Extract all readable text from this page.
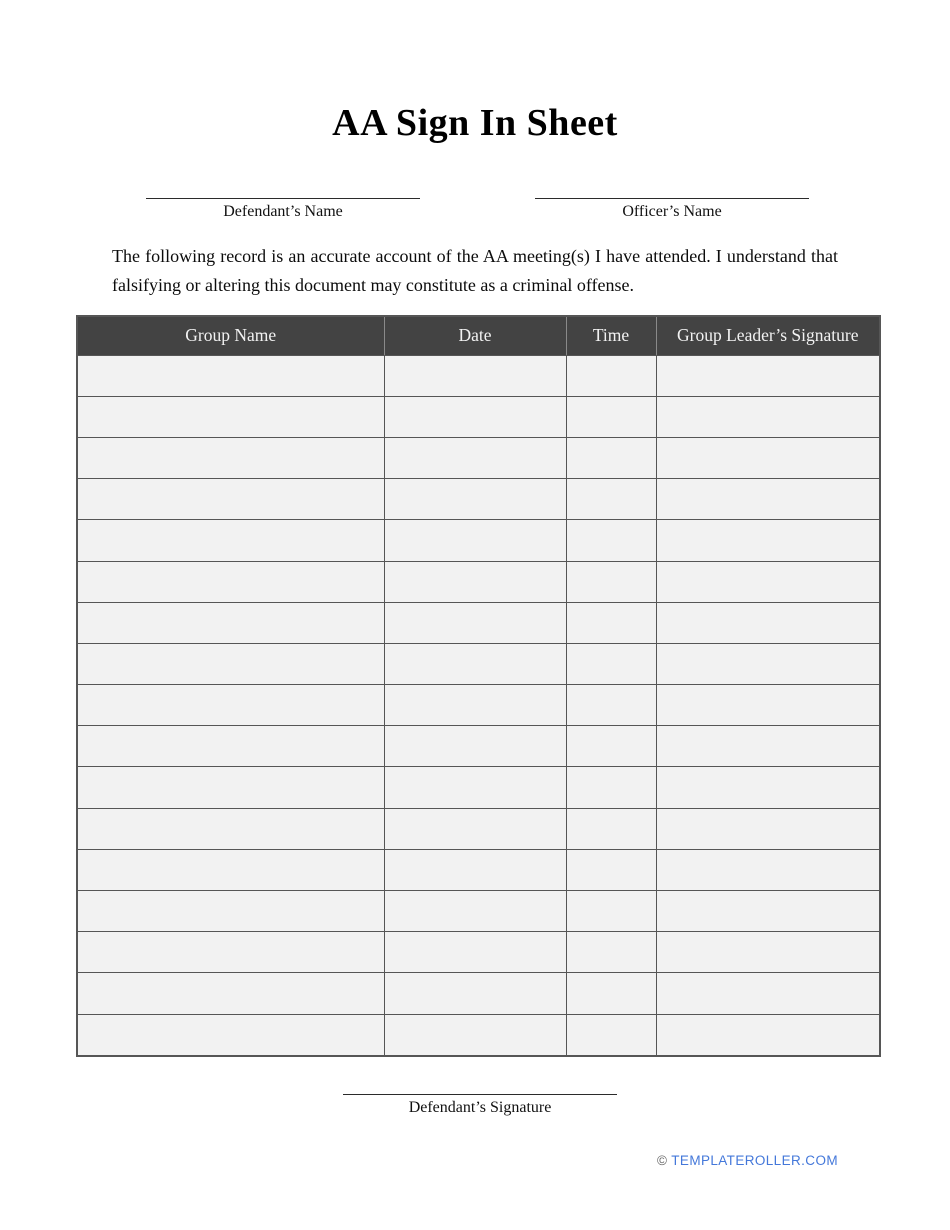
AA Sign In Sheet
Defendant’s Name	Officer’s Name

The following record is an accurate account of the AA meeting(s) I have attended. I understand that falsifying or altering this document may constitute as a criminal offense.

Group Name	Date	Time	Group Leader’s Signature

Defendant’s Signature
© TEMPLATEROLLER.COM
